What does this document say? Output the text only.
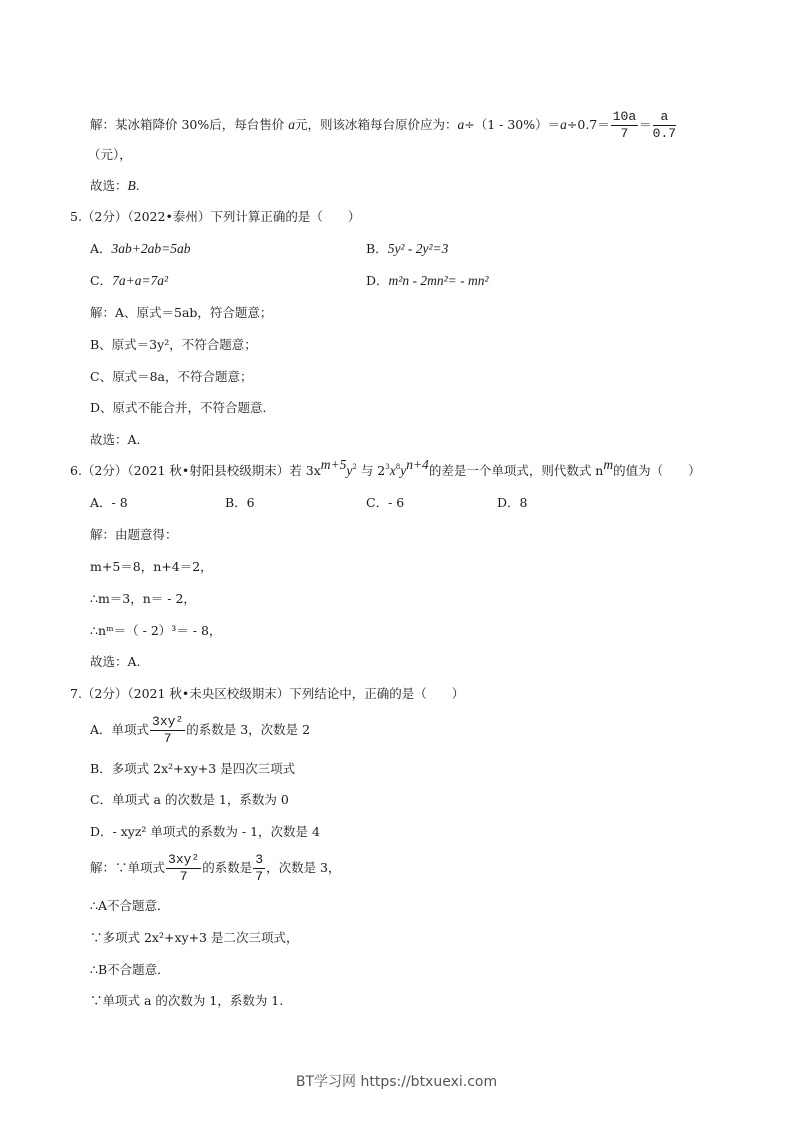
解：某冰箱降价 30%后，每台售价 a元，则该冰箱每台原价应为：$a\div(1 - 30\%)=a\div 0.7= \frac{10a}{7} = \frac{a}{0.7}$
（元），
故选：B.
5.（2分）（2022•泰州）下列计算正确的是（　　）
A．3ab+2ab=5ab	B．5y² - 2y²=3
C．7a+a=7a²	D．m²n - 2mn²= - mn²
解：A、原式＝5ab，符合题意；
B、原式＝3y²，不符合题意；
C、原式＝8a，不符合题意；
D、原式不能合并，不符合题意．
故选：A.
6.（2分）（2021 秋•射阳县校级期末）若 $3x^{m+5}y^2$ 与 $2^3x^8y^{n+4}$的差是一个单项式，则代数式 $n^m$的值为（　　）
A．- 8	B．6	C．- 6	D．8
解：由题意得：
m+5＝8，n+4＝2，
∴m＝3，n＝ - 2，
∴nᵐ＝（ - 2）³＝ - 8，
故选：A.
7.（2分）（2021 秋•未央区校级期末）下列结论中，正确的是（　　）
A．单项式 $\frac{\text{3xy²}}{7}$ 的系数是 3，次数是 2
B．多项式 2x²+xy+3 是四次三项式
C．单项式 a 的次数是 1，系数为 0
D．- xyz² 单项式的系数为 - 1，次数是 4
解：∵单项式 $\frac{\text{3xy²}}{7}$ 的系数是 $\frac{3}{7}$ ，次数是 3，
∴A不合题意．
∵多项式 2x²+xy+3 是二次三项式，
∴B不合题意．
∵单项式 a 的次数为 1，系数为 1.
BT学习网 https://btxuexi.com
